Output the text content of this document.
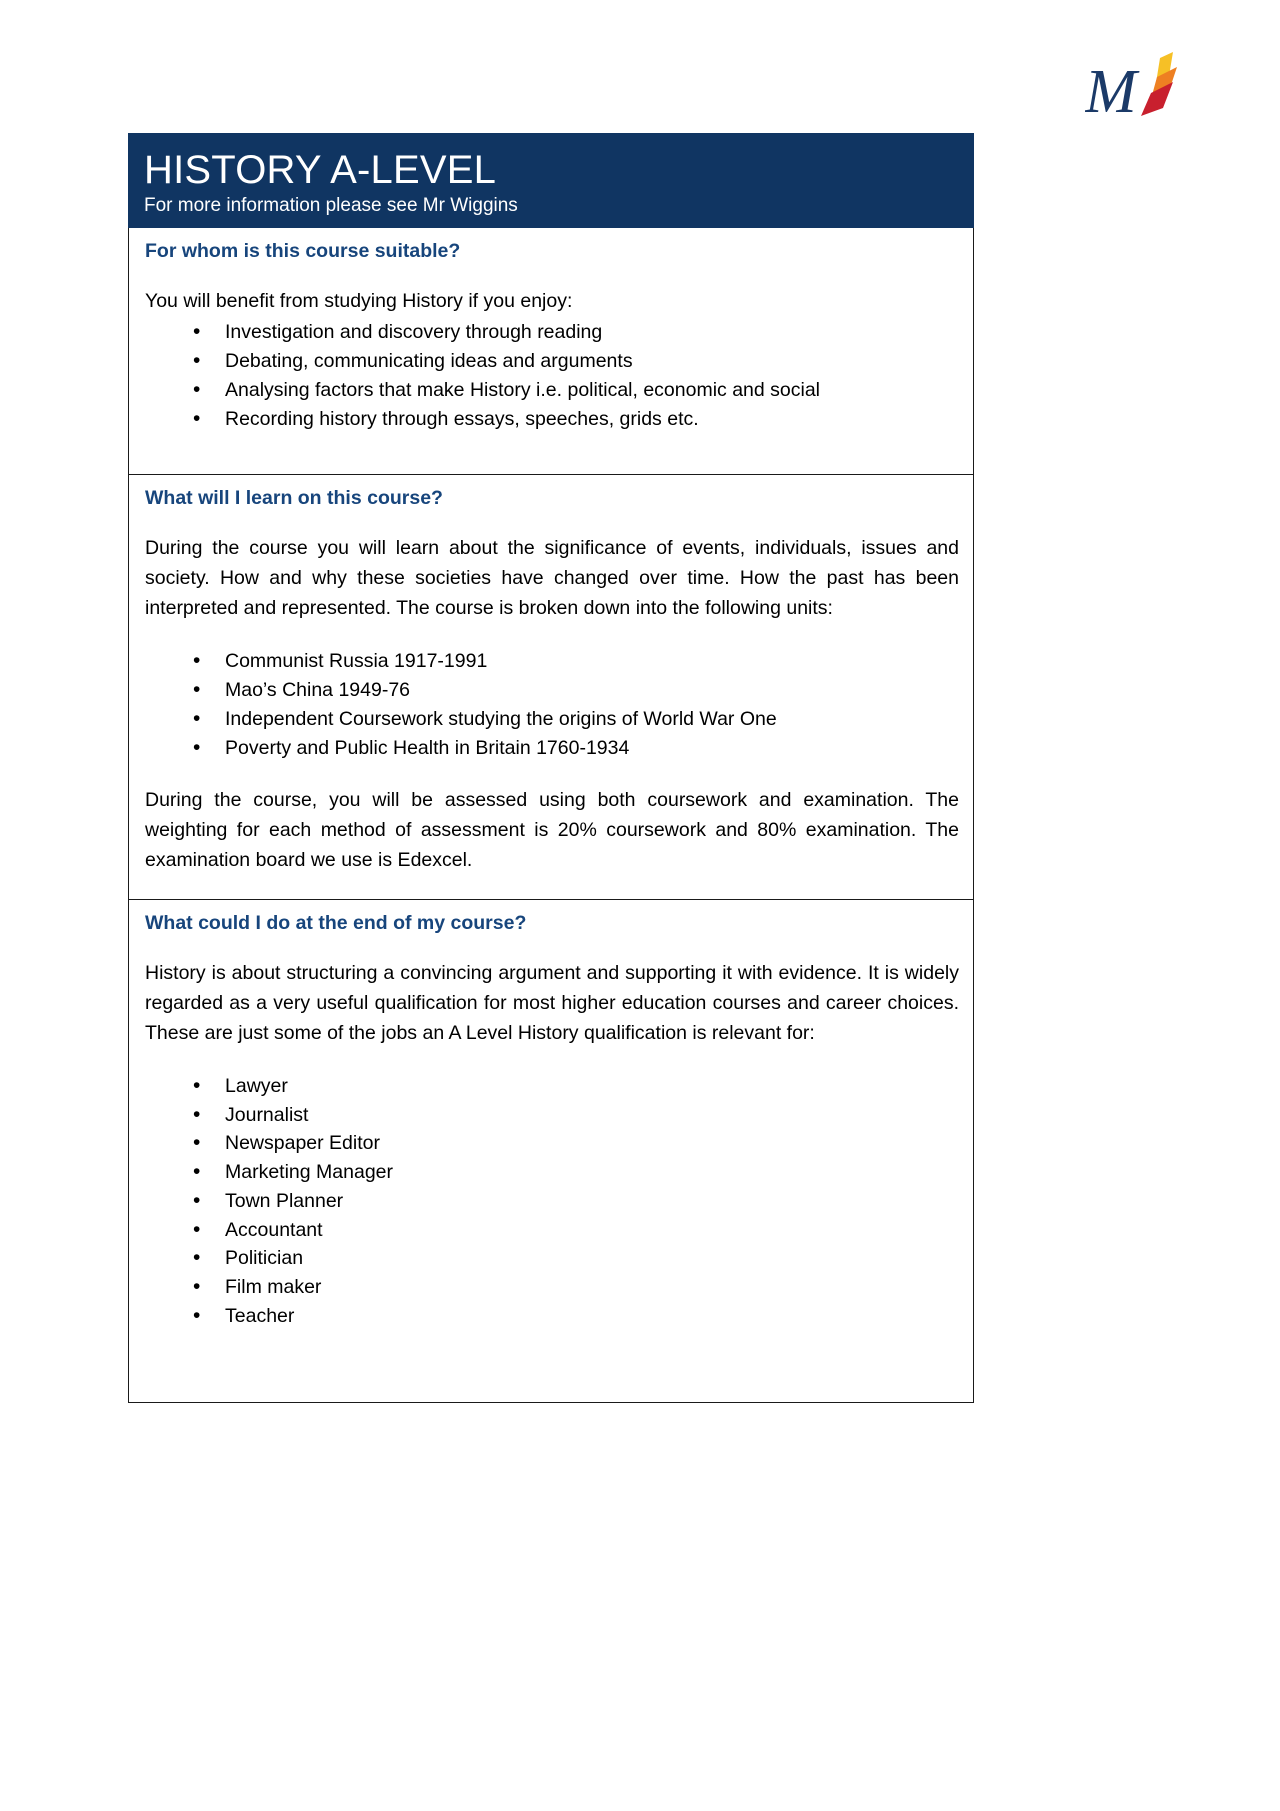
M
HISTORY A-LEVEL
For more information please see Mr Wiggins
For whom is this course suitable?

You will benefit from studying History if you enjoy:

• Investigation and discovery through reading
• Debating, communicating ideas and arguments
• Analysing factors that make History i.e. political, economic and social
• Recording history through essays, speeches, grids etc.
What will I learn on this course?

During the course you will learn about the significance of events, individuals, issues and society. How and why these societies have changed over time. How the past has been interpreted and represented. The course is broken down into the following units:

• Communist Russia 1917-1991
• Mao’s China 1949-76
• Independent Coursework studying the origins of World War One
• Poverty and Public Health in Britain 1760-1934

During the course, you will be assessed using both coursework and examination. The weighting for each method of assessment is 20% coursework and 80% examination. The examination board we use is Edexcel.

What could I do at the end of my course?

History is about structuring a convincing argument and supporting it with evidence. It is widely regarded as a very useful qualification for most higher education courses and career choices. These are just some of the jobs an A Level History qualification is relevant for:

• Lawyer
• Journalist
• Newspaper Editor
• Marketing Manager
• Town Planner
• Accountant
• Politician
• Film maker
• Teacher
